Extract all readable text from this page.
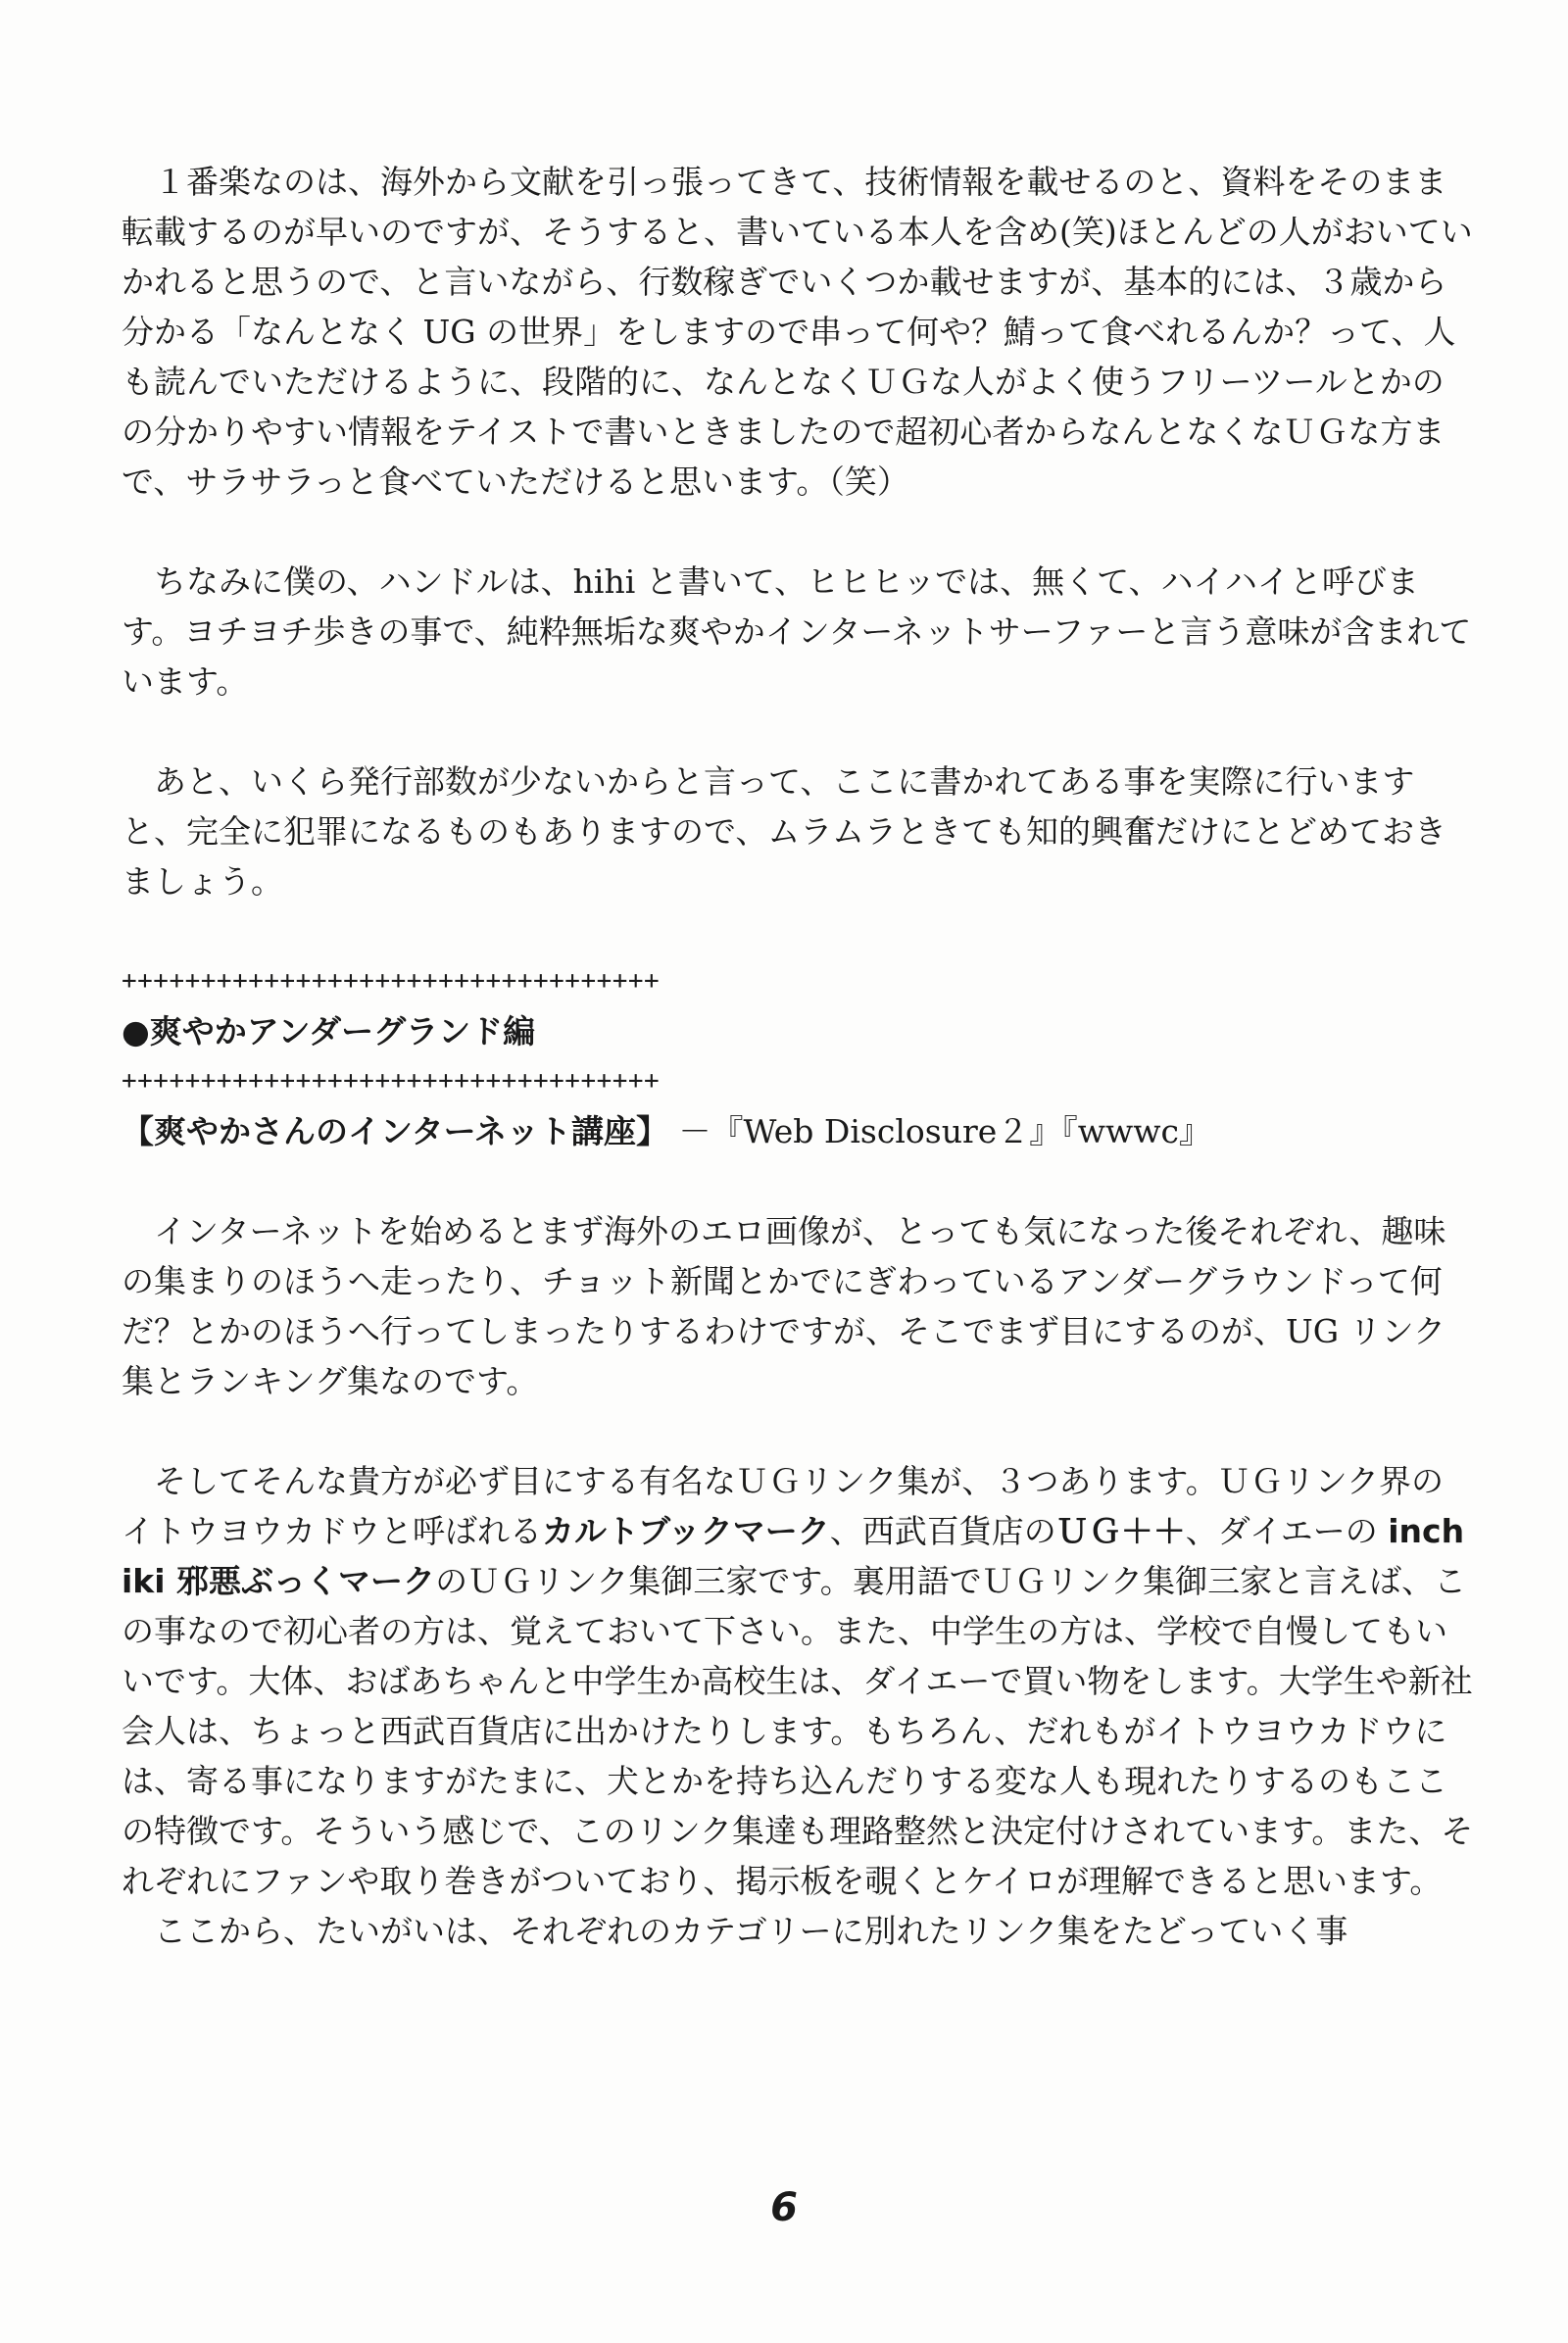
１番楽なのは、海外から文献を引っ張ってきて、技術情報を載せるのと、資料をそのまま転載するのが早いのですが、そうすると、書いている本人を含め(笑)ほとんどの人がおいていかれると思うので、と言いながら、行数稼ぎでいくつか載せますが、基本的には、３歳から分かる「なんとなく UG の世界」をしますので串って何や？鯖って食べれるんか？って、人も読んでいただけるように、段階的に、なんとなくＵＧな人がよく使うフリーツールとかのの分かりやすい情報をテイストで書いときましたので超初心者からなんとなくなＵＧな方まで、サラサラっと食べていただけると思います。（笑）

ちなみに僕の、ハンドルは、hihi と書いて、ヒヒヒッでは、無くて、ハイハイと呼びます。ヨチヨチ歩きの事で、純粋無垢な爽やかインターネットサーファーと言う意味が含まれています。

あと、いくら発行部数が少ないからと言って、ここに書かれてある事を実際に行いますと、完全に犯罪になるものもありますので、ムラムラときても知的興奮だけにとどめておきましょう。

++++++++++++++++++++++++++++++++++
●爽やかアンダーグランド編
++++++++++++++++++++++++++++++++++
【爽やかさんのインターネット講座】 －『Web Disclosure２』『wwwc』

インターネットを始めるとまず海外のエロ画像が、とっても気になった後それぞれ、趣味の集まりのほうへ走ったり、チョット新聞とかでにぎわっているアンダーグラウンドって何だ？とかのほうへ行ってしまったりするわけですが、そこでまず目にするのが、UG リンク集とランキング集なのです。

そしてそんな貴方が必ず目にする有名なＵＧリンク集が、３つあります。ＵＧリンク界のイトウヨウカドウと呼ばれるカルトブックマーク、西武百貨店のＵＧ＋＋、ダイエーの inchiki 邪悪ぶっくマークのＵＧリンク集御三家です。裏用語でＵＧリンク集御三家と言えば、この事なので初心者の方は、覚えておいて下さい。また、中学生の方は、学校で自慢してもいいです。大体、おばあちゃんと中学生か高校生は、ダイエーで買い物をします。大学生や新社会人は、ちょっと西武百貨店に出かけたりします。もちろん、だれもがイトウヨウカドウには、寄る事になりますがたまに、犬とかを持ち込んだりする変な人も現れたりするのもここの特徴です。そういう感じで、このリンク集達も理路整然と決定付けされています。また、それぞれにファンや取り巻きがついており、掲示板を覗くとケイロが理解できると思います。

ここから、たいがいは、それぞれのカテゴリーに別れたリンク集をたどっていく事

6
